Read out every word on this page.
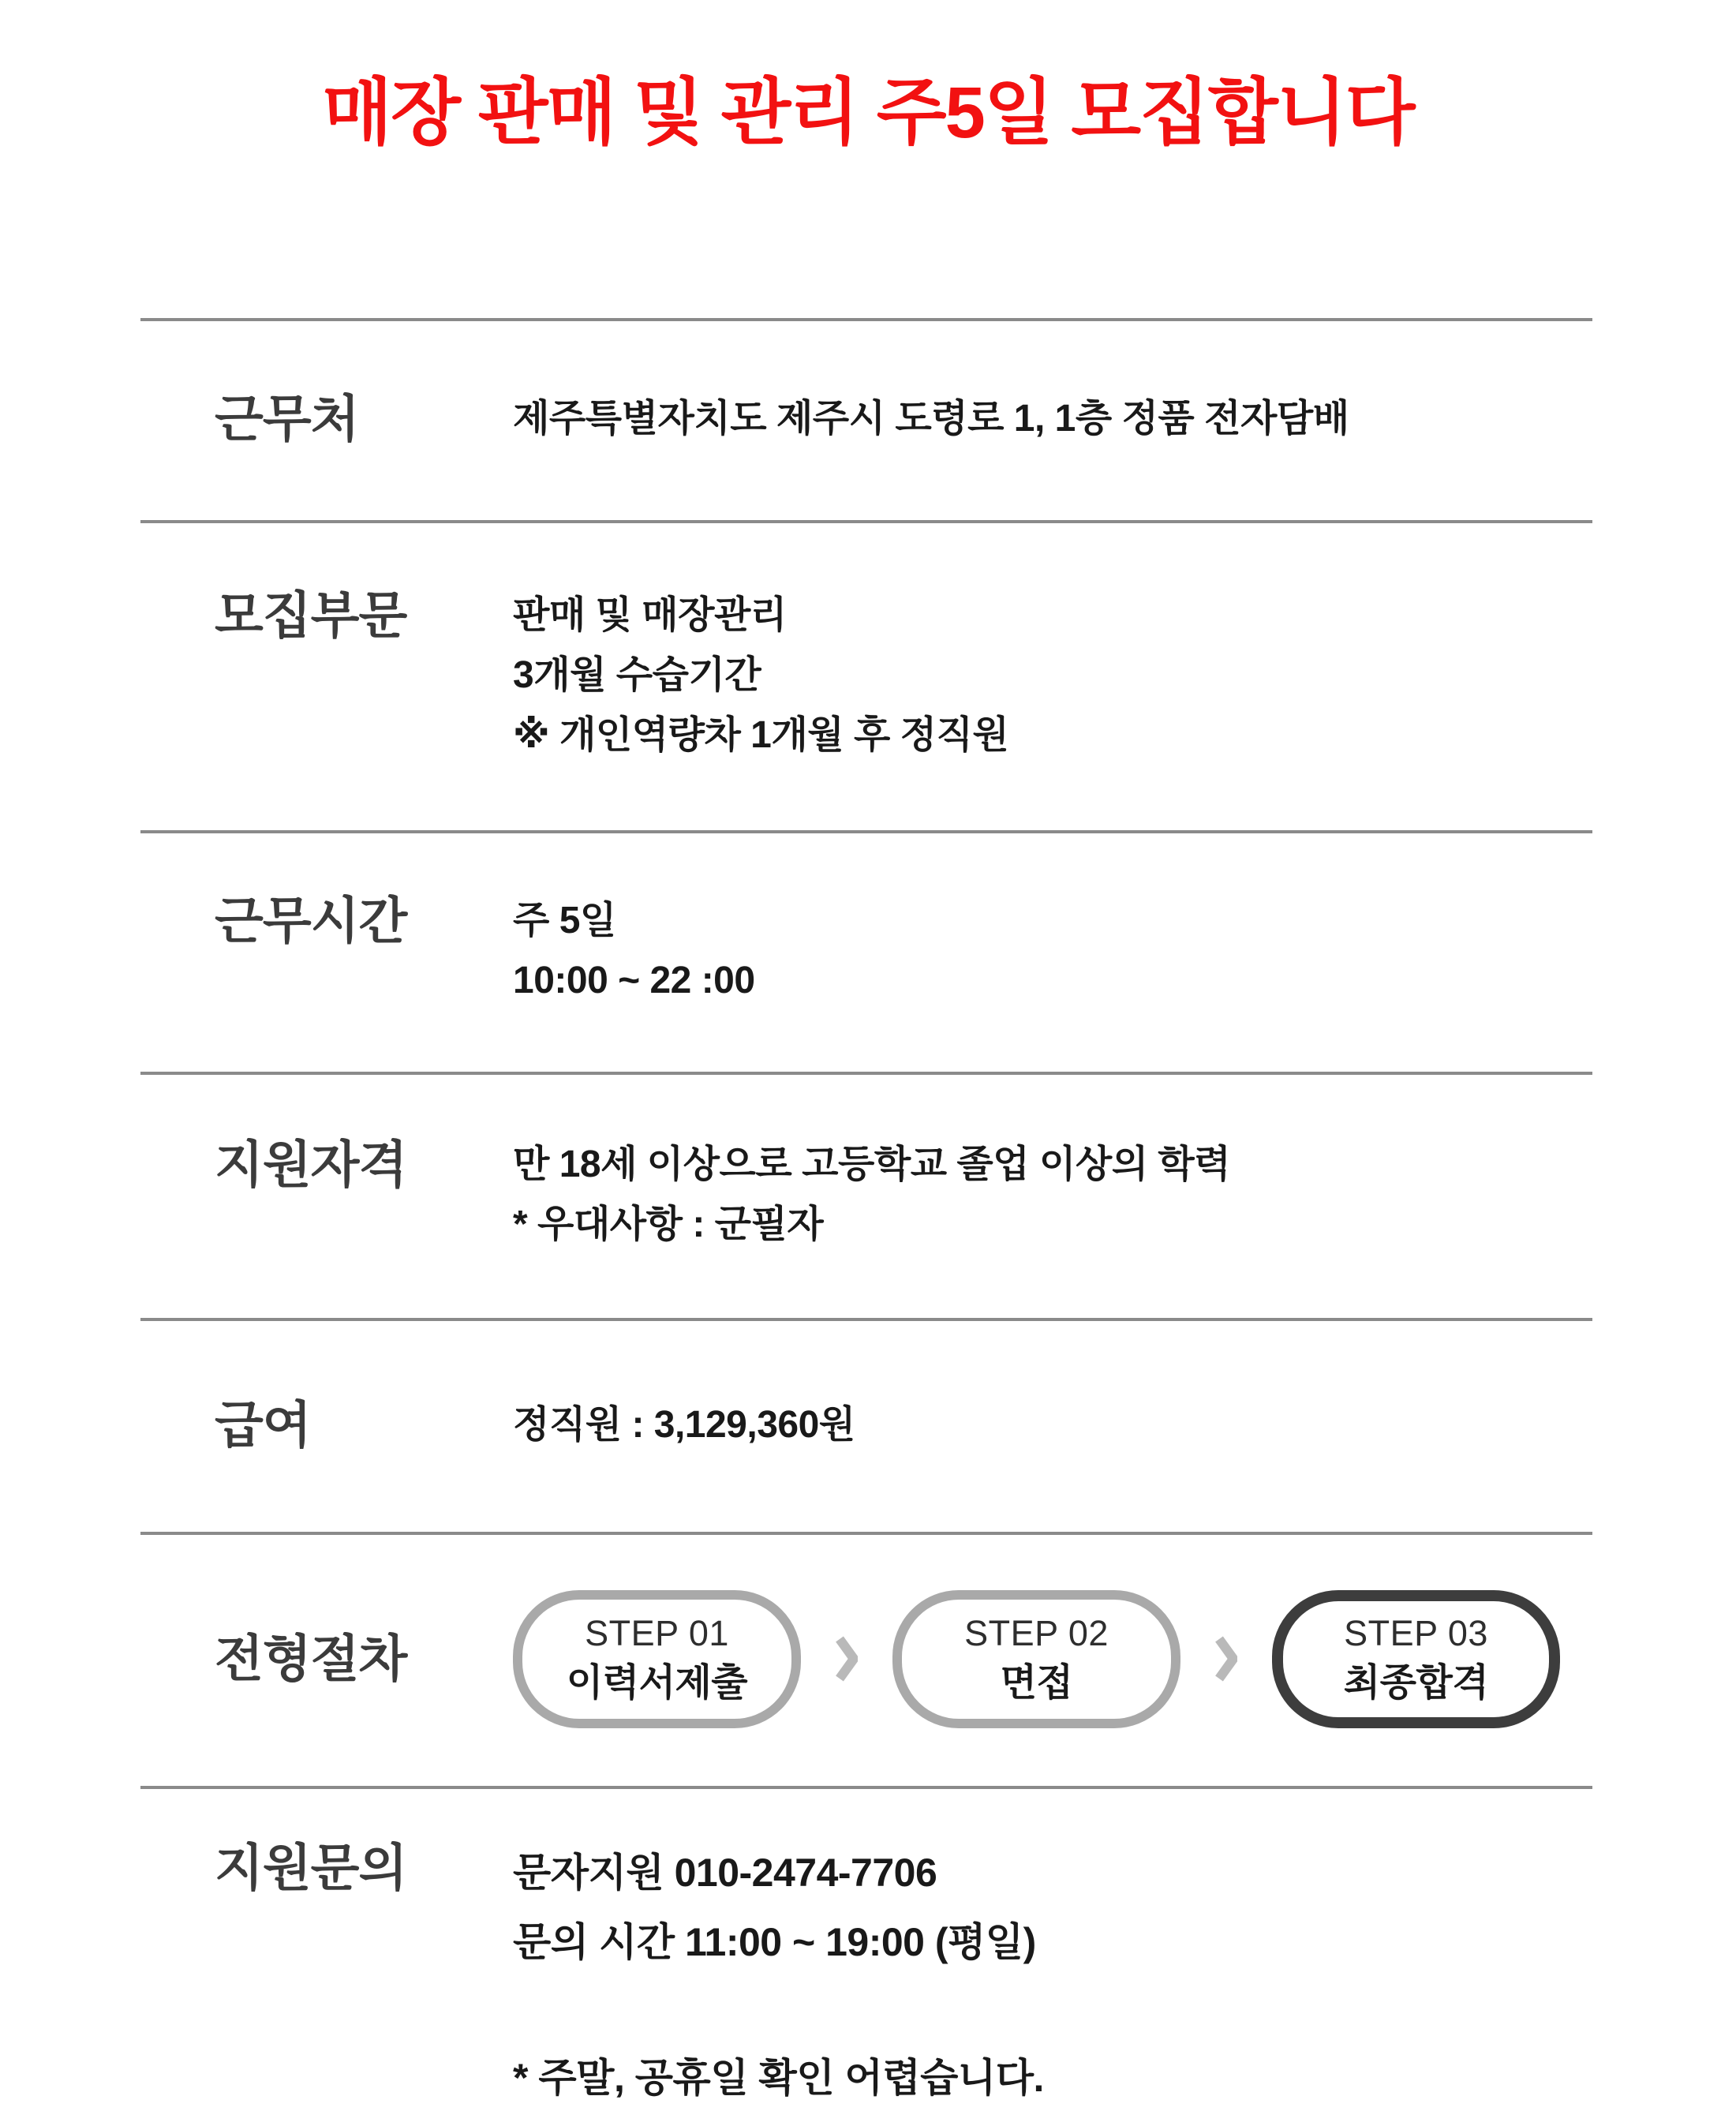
매장 판매 및 관리 주5일 모집합니다
근무처	제주특별자치도 제주시 도령로 1, 1층 정품 전자담배
모집부문	판매 및 매장관리
3개월 수습기간
※ 개인역량차 1개월 후 정직원
근무시간	주 5일
10:00 ~ 22 :00
지원자격	만 18세 이상으로 고등학교 졸업 이상의 학력
* 우대사항 : 군필자
급여	정직원 : 3,129,360원
전형절차	STEP 01
이력서제출
STEP 02
면접
STEP 03
최종합격
지원문의	문자지원 010-2474-7706
문의 시간 11:00 ~ 19:00 (평일)
* 주말, 공휴일 확인 어렵습니다.
